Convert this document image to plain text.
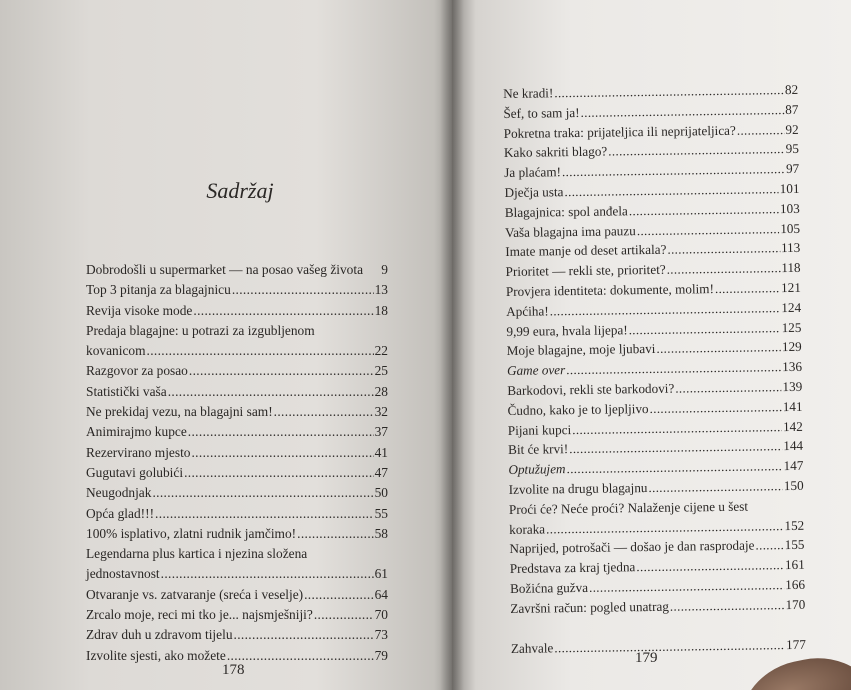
Sadržaj
Dobrodošli u supermarket — na posao vašeg života 9
Top 3 pitanja za blagajnicu . . .	13
Revija visoke mode . . .	18
Predaja blagajne: u potrazi za izgubljenom
kovanicom . . .	22
Razgovor za posao . . .	25
Statistički vaša . . .	28
Ne prekidaj vezu, na blagajni sam! . . .	32
Animirajmo kupce . . .	37
Rezervirano mjesto . . .	41
Gugutavi golubići . . .	47
Neugodnjak . . .	50
Opća glad!!! . . .	55
100% isplativo, zlatni rudnik jamčimo! . . .	58
Legendarna plus kartica i njezina složena
jednostavnost . . .	61
Otvaranje vs. zatvaranje (sreća i veselje) . . .	64
Zrcalo moje, reci mi tko je... najsmješniji? . . .	70
Zdrav duh u zdravom tijelu . . .	73
Izvolite sjesti, ako možete . . .	79
178
179
Ne kradi! . . .	82
Šef, to sam ja! . . .	87
Pokretna traka: prijateljica ili neprijateljica? . . .	92
Kako sakriti blago? . . .	95
Ja plaćam! . . .	97
Dječja usta . . .	101
Blagajnica: spol anđela . . .	103
Vaša blagajna ima pauzu . . .	105
Imate manje od deset artikala? . . .	113
Prioritet — rekli ste, prioritet? . . .	118
Provjera identiteta: dokumente, molim! . . .	121
Apćiha! . . .	124
9,99 eura, hvala lijepa! . . .	125
Moje blagajne, moje ljubavi . . .	129
Game over . . .	136
Barkodovi, rekli ste barkodovi? . . .	139
Čudno, kako je to ljepljivo . . .	141
Pijani kupci . . .	142
Bit će krvi! . . .	144
Optužujem . . .	147
Izvolite na drugu blagajnu . . .	150
Proći će? Neće proći? Nalaženje cijene u šest
koraka . . .	152
Naprijed, potrošači — došao je dan rasprodaje . . . 155
Predstava za kraj tjedna . . .	161
Božićna gužva . . .	166
Završni račun: pogled unatrag . . .	170
Zahvale . . .	177
